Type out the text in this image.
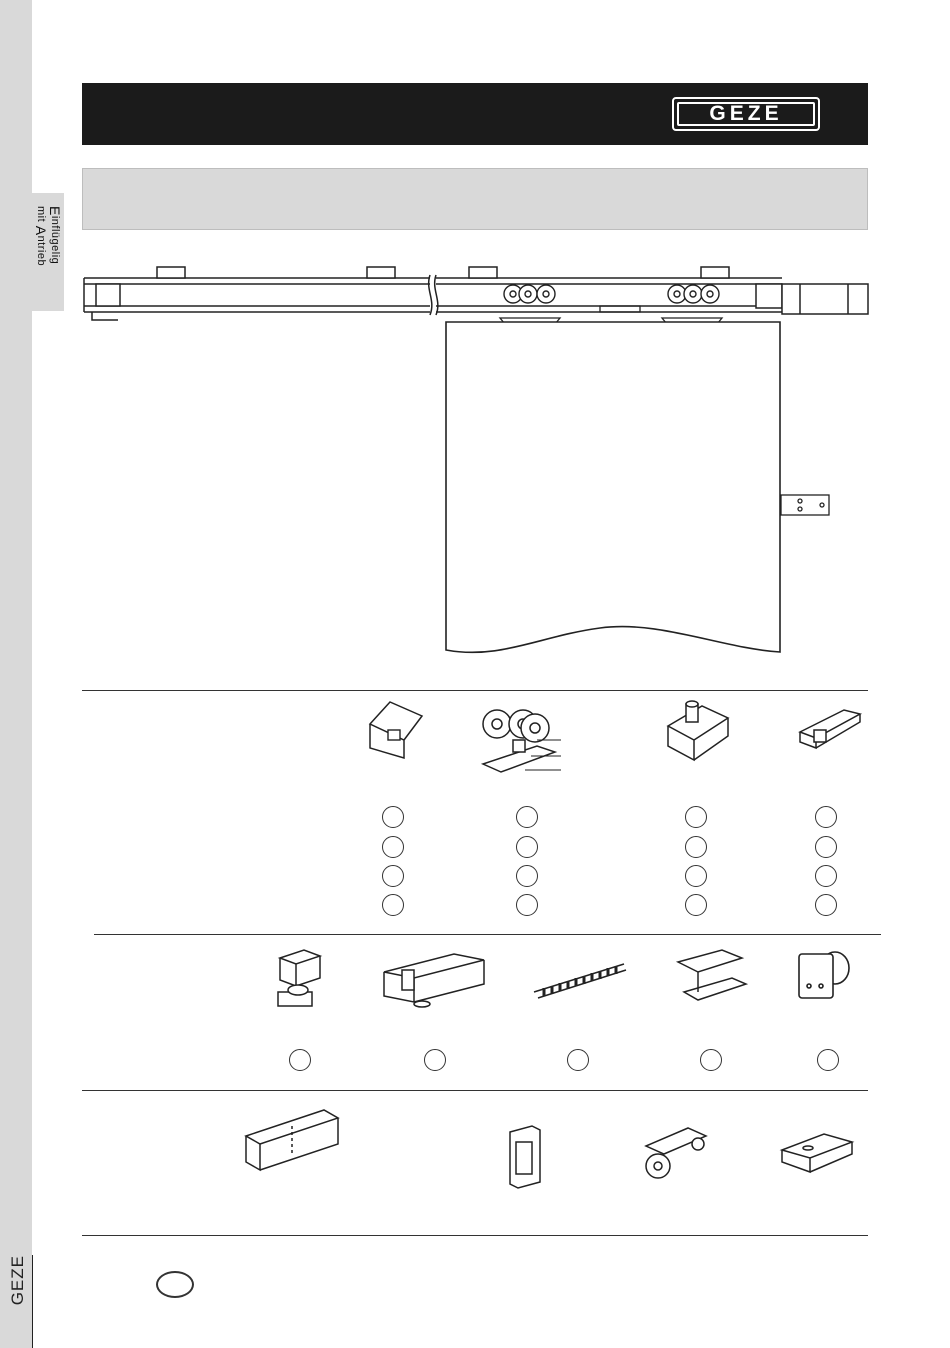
Einflügelig
mit Antrieb
GEZE
GEZE
